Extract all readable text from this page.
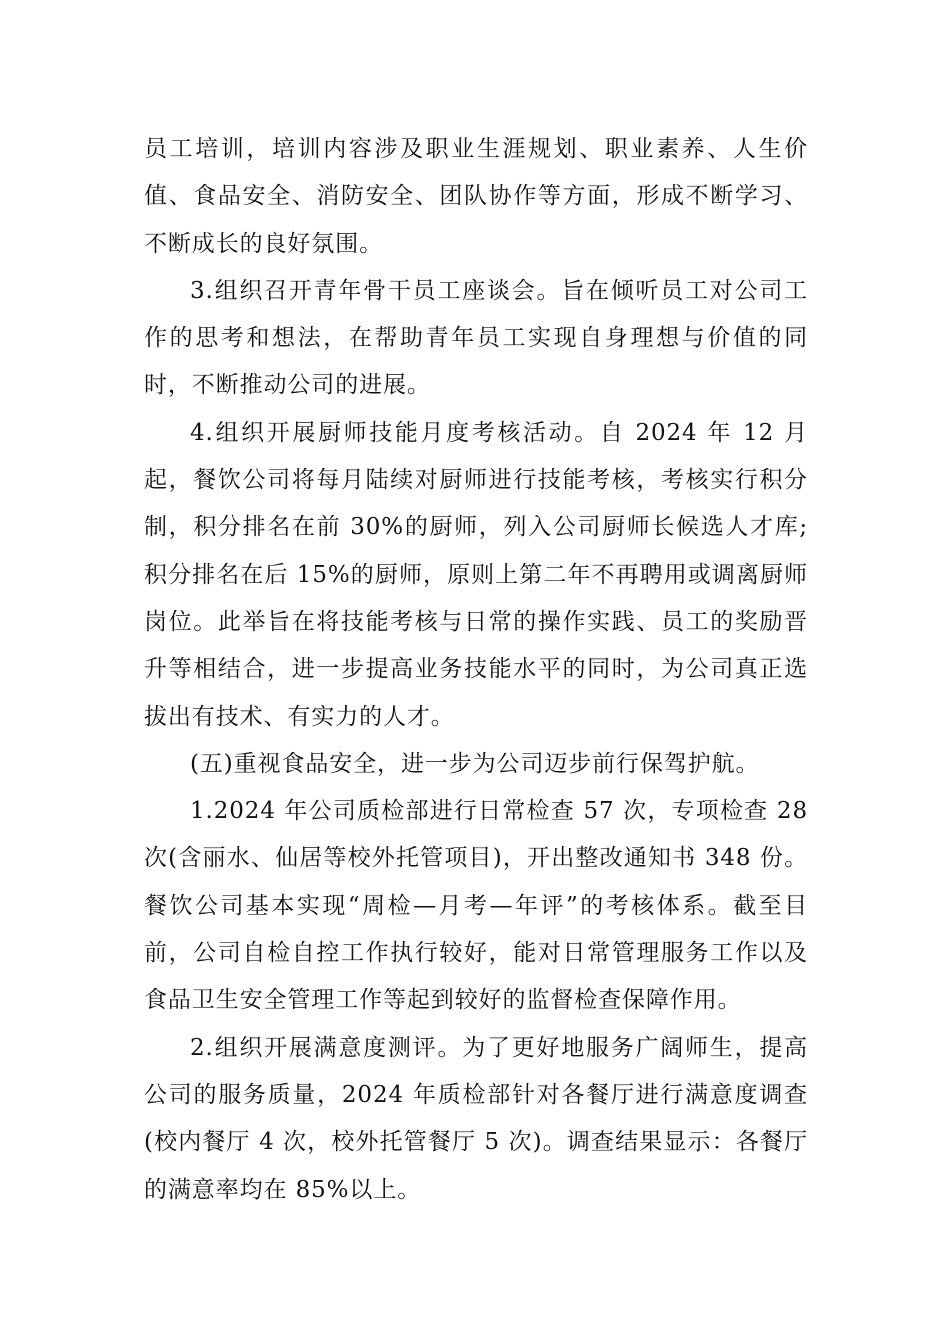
员工培训，培训内容涉及职业生涯规划、职业素养、人生价值、食品安全、消防安全、团队协作等方面，形成不断学习、不断成长的良好氛围。

3.组织召开青年骨干员工座谈会。旨在倾听员工对公司工作的思考和想法，在帮助青年员工实现自身理想与价值的同时，不断推动公司的进展。

4.组织开展厨师技能月度考核活动。自 2024 年 12 月起，餐饮公司将每月陆续对厨师进行技能考核，考核实行积分制，积分排名在前 30%的厨师，列入公司厨师长候选人才库;积分排名在后 15%的厨师，原则上第二年不再聘用或调离厨师岗位。此举旨在将技能考核与日常的操作实践、员工的奖励晋升等相结合，进一步提高业务技能水平的同时，为公司真正选拔出有技术、有实力的人才。

(五)重视食品安全，进一步为公司迈步前行保驾护航。

1.2024 年公司质检部进行日常检查 57 次，专项检查 28 次(含丽水、仙居等校外托管项目)，开出整改通知书 348 份。餐饮公司基本实现“周检—月考—年评”的考核体系。截至目前，公司自检自控工作执行较好，能对日常管理服务工作以及食品卫生安全管理工作等起到较好的监督检查保障作用。

2.组织开展满意度测评。为了更好地服务广阔师生，提高公司的服务质量，2024 年质检部针对各餐厅进行满意度调查(校内餐厅 4 次，校外托管餐厅 5 次)。调查结果显示：各餐厅的满意率均在 85%以上。
